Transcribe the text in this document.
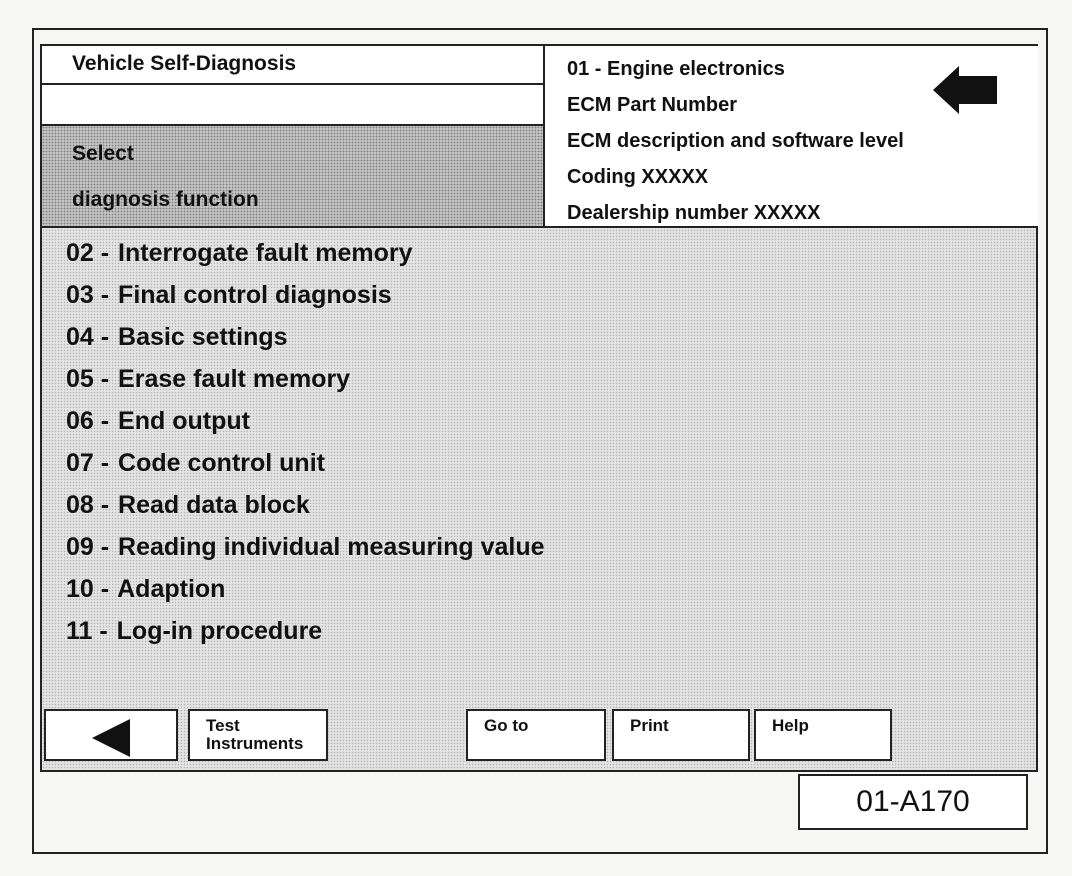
Vehicle Self-Diagnosis
Select
diagnosis function
01 - Engine electronics
ECM Part Number
ECM description and software level
Coding XXXXX
Dealership number XXXXX
02 - Interrogate fault memory
03 - Final control diagnosis
04 - Basic settings
05 - Erase fault memory
06 - End output
07 - Code control unit
08 - Read data block
09 - Reading individual measuring value
10 - Adaption
11 - Log-in procedure
Test
Instruments
Go to	Print	Help
01-A170
